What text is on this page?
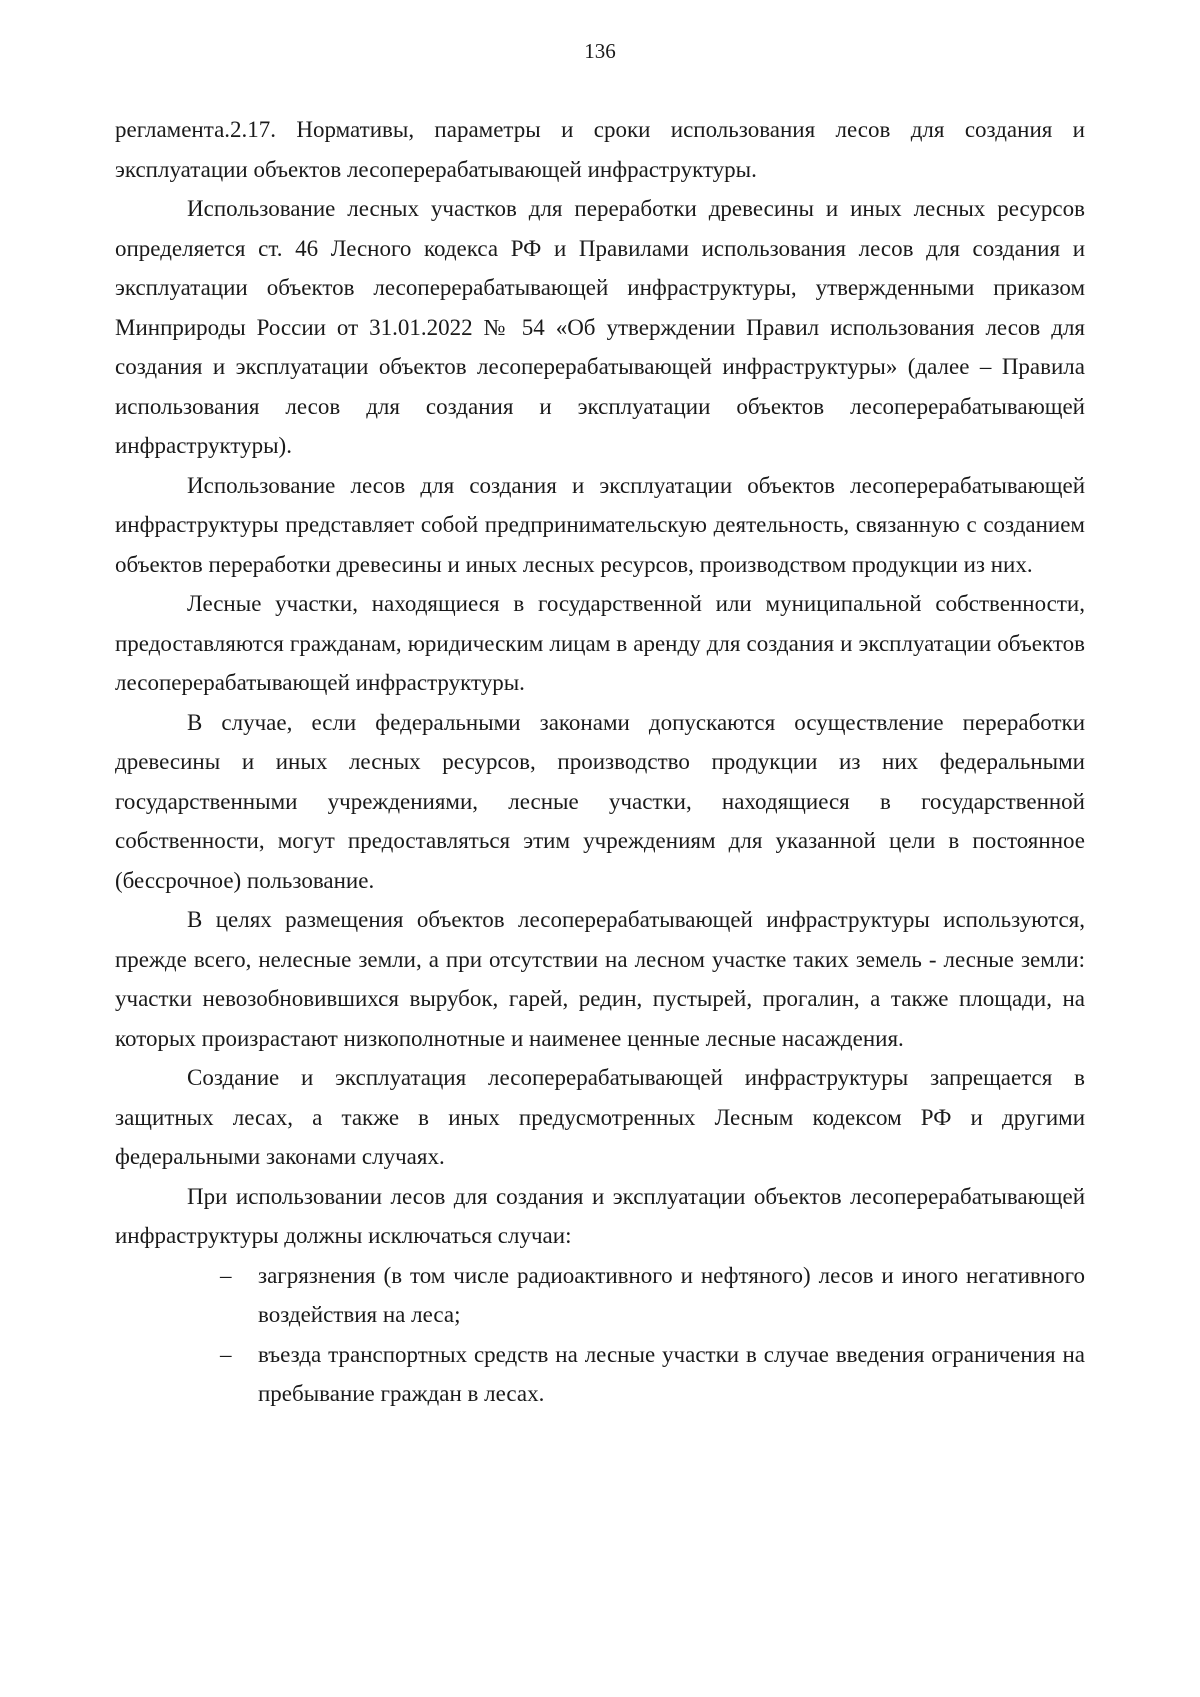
136

регламента.2.17. Нормативы, параметры и сроки использования лесов для создания и эксплуатации объектов лесоперерабатывающей инфраструктуры.

Использование лесных участков для переработки древесины и иных лесных ресурсов определяется ст. 46 Лесного кодекса РФ и Правилами использования лесов для создания и эксплуатации объектов лесоперерабатывающей инфраструктуры, утвержденными приказом Минприроды России от 31.01.2022 № 54 «Об утверждении Правил использования лесов для создания и эксплуатации объектов лесоперерабатывающей инфраструктуры» (далее – Правила использования лесов для создания и эксплуатации объектов лесоперерабатывающей инфраструктуры).

Использование лесов для создания и эксплуатации объектов лесоперерабатывающей инфраструктуры представляет собой предпринимательскую деятельность, связанную с созданием объектов переработки древесины и иных лесных ресурсов, производством продукции из них.

Лесные участки, находящиеся в государственной или муниципальной собственности, предоставляются гражданам, юридическим лицам в аренду для создания и эксплуатации объектов лесоперерабатывающей инфраструктуры.

В случае, если федеральными законами допускаются осуществление переработки древесины и иных лесных ресурсов, производство продукции из них федеральными государственными учреждениями, лесные участки, находящиеся в государственной собственности, могут предоставляться этим учреждениям для указанной цели в постоянное (бессрочное) пользование.

В целях размещения объектов лесоперерабатывающей инфраструктуры используются, прежде всего, нелесные земли, а при отсутствии на лесном участке таких земель - лесные земли: участки невозобновившихся вырубок, гарей, редин, пустырей, прогалин, а также площади, на которых произрастают низкополнотные и наименее ценные лесные насаждения.

Создание и эксплуатация лесоперерабатывающей инфраструктуры запрещается в защитных лесах, а также в иных предусмотренных Лесным кодексом РФ и другими федеральными законами случаях.

При использовании лесов для создания и эксплуатации объектов лесоперерабатывающей инфраструктуры должны исключаться случаи:

– загрязнения (в том числе радиоактивного и нефтяного) лесов и иного негативного воздействия на леса;
– въезда транспортных средств на лесные участки в случае введения ограничения на пребывание граждан в лесах.
